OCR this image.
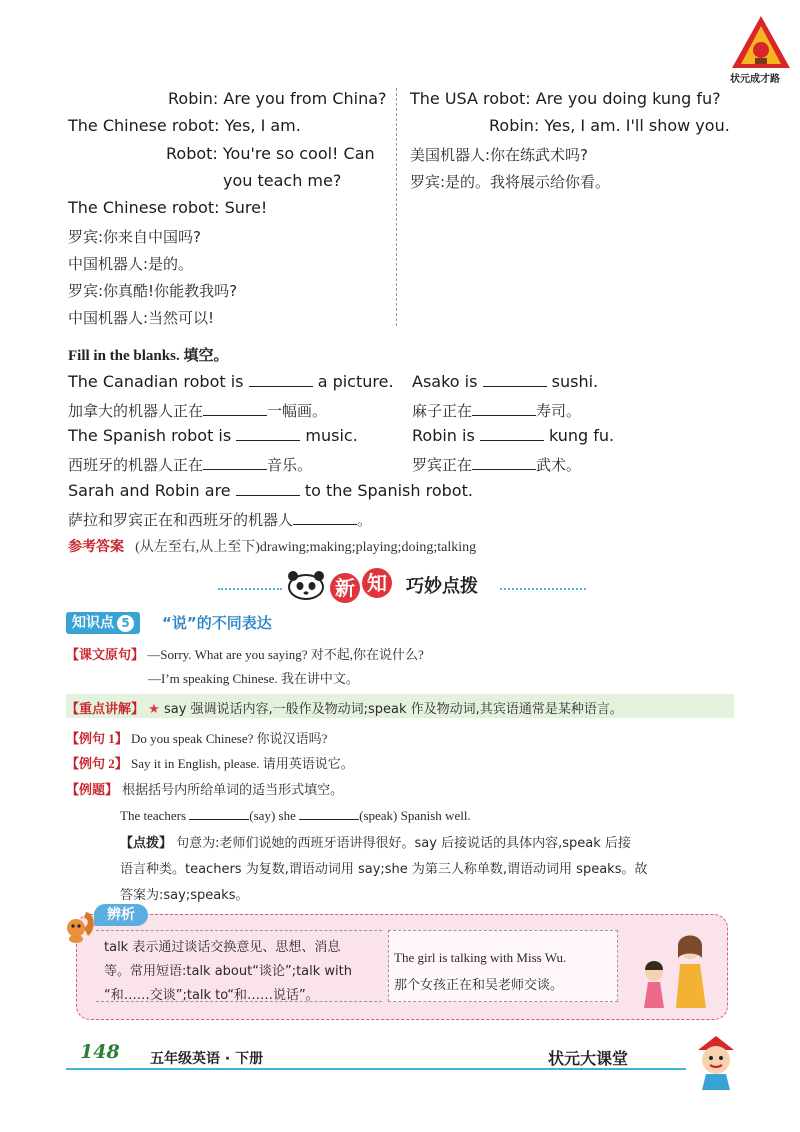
状元成才路
Robin: Are you from China?
The Chinese robot: Yes, I am.
Robot: You're so cool! Can
you teach me?
The Chinese robot: Sure!
罗宾:你来自中国吗?
中国机器人:是的。
罗宾:你真酷!你能教我吗?
中国机器人:当然可以!
The USA robot: Are you doing kung fu?
Robin: Yes, I am. I'll show you.
美国机器人:你在练武术吗?
罗宾:是的。我将展示给你看。
Fill in the blanks. 填空。
The Canadian robot is	a picture.
加拿大的机器人正在	一幅画。
Asako is	sushi.
麻子正在	寿司。
The Spanish robot is	music.
西班牙的机器人正在	音乐。
Robin is	kung fu.
罗宾正在	武术。
Sarah and Robin are	to the Spanish robot.
萨拉和罗宾正在和西班牙的机器人	。
参考答案 (从左至右,从上至下)drawing;making;playing;doing;talking
新 知 巧妙点拨
知识点 5	“说”的不同表达
【课文原句】 —Sorry. What are you saying? 对不起,你在说什么?
—I’m speaking Chinese. 我在讲中文。
【重点讲解】 ★ say 强调说话内容,一般作及物动词;speak 作及物动词,其宾语通常是某种语言。
【例句 1】 Do you speak Chinese? 你说汉语吗?
【例句 2】 Say it in English, please. 请用英语说它。
【例题】 根据括号内所给单词的适当形式填空。
The teachers	(say) she	(speak) Spanish well.
【点拨】 句意为:老师们说她的西班牙语讲得很好。say 后接说话的具体内容,speak 后接
语言种类。teachers 为复数,谓语动词用 say;she 为第三人称单数,谓语动词用 speaks。故
答案为:say;speaks。
辨析
talk 表示通过谈话交换意见、思想、消息
等。常用短语:talk about“谈论”;talk with
“和……交谈”;talk to“和……说话”。
The girl is talking with Miss Wu.
那个女孩正在和吴老师交谈。
148 五年级英语 · 下册	状元大课堂
